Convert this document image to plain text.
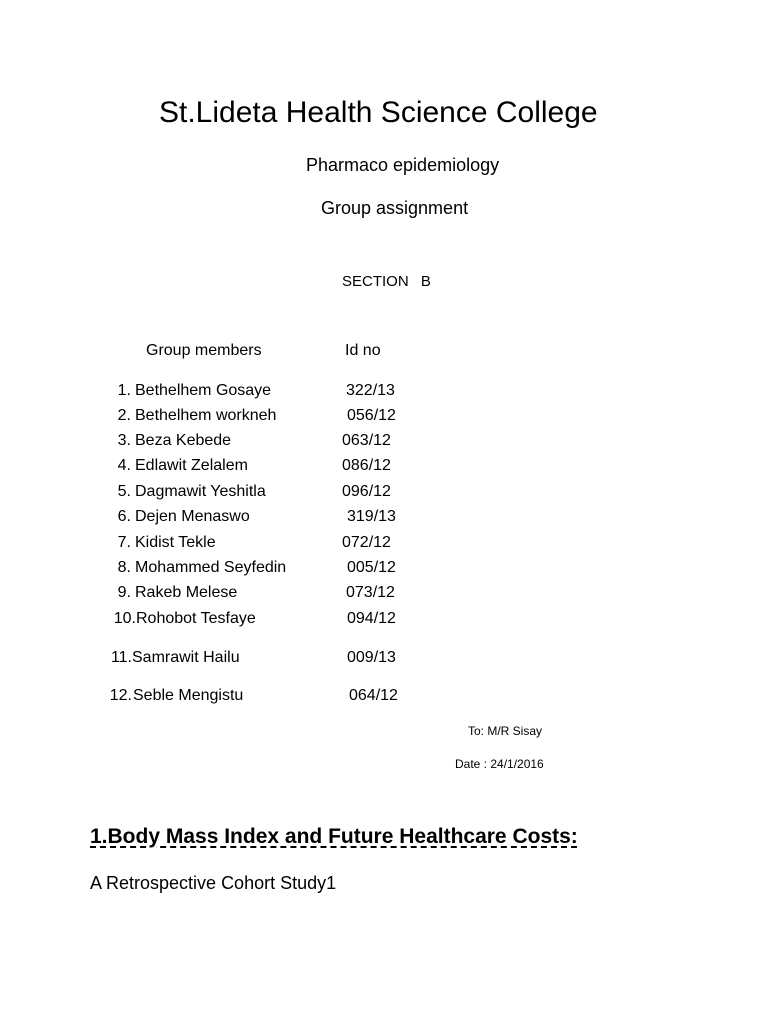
St.Lideta Health Science College
Pharmaco epidemiology
Group assignment
SECTION B
Group members	Id no
1. Bethelhem Gosaye	322/13
2. Bethelhem workneh	056/12
3. Beza Kebede	063/12
4. Edlawit Zelalem	086/12
5. Dagmawit Yeshitla	096/12
6. Dejen Menaswo	319/13
7. Kidist Tekle	072/12
8. Mohammed Seyfedin	005/12
9. Rakeb Melese	073/12
10. Rohobot Tesfaye	094/12
11. Samrawit Hailu	009/13
12. Seble Mengistu	064/12
To: M/R Sisay
Date : 24/1/2016
1.Body Mass Index and Future Healthcare Costs:
A Retrospective Cohort Study1
